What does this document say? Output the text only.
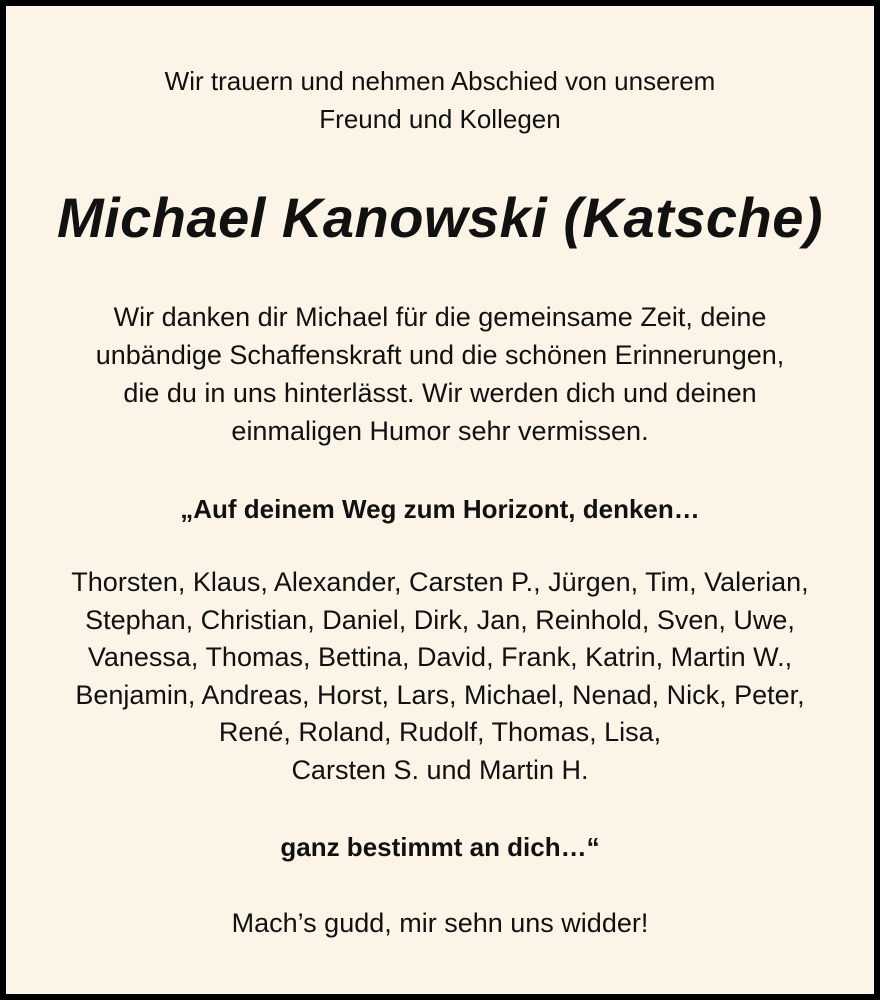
Wir trauern und nehmen Abschied von unserem
Freund und Kollegen

Michael Kanowski (Katsche)

Wir danken dir Michael für die gemeinsame Zeit, deine
unbändige Schaffenskraft und die schönen Erinnerungen,
die du in uns hinterlässt. Wir werden dich und deinen
einmaligen Humor sehr vermissen.

„Auf deinem Weg zum Horizont, denken…

Thorsten, Klaus, Alexander, Carsten P., Jürgen, Tim, Valerian,
Stephan, Christian, Daniel, Dirk, Jan, Reinhold, Sven, Uwe,
Vanessa, Thomas, Bettina, David, Frank, Katrin, Martin W.,
Benjamin, Andreas, Horst, Lars, Michael, Nenad, Nick, Peter,
René, Roland, Rudolf, Thomas, Lisa,
Carsten S. und Martin H.

ganz bestimmt an dich…“

Mach’s gudd, mir sehn uns widder!
